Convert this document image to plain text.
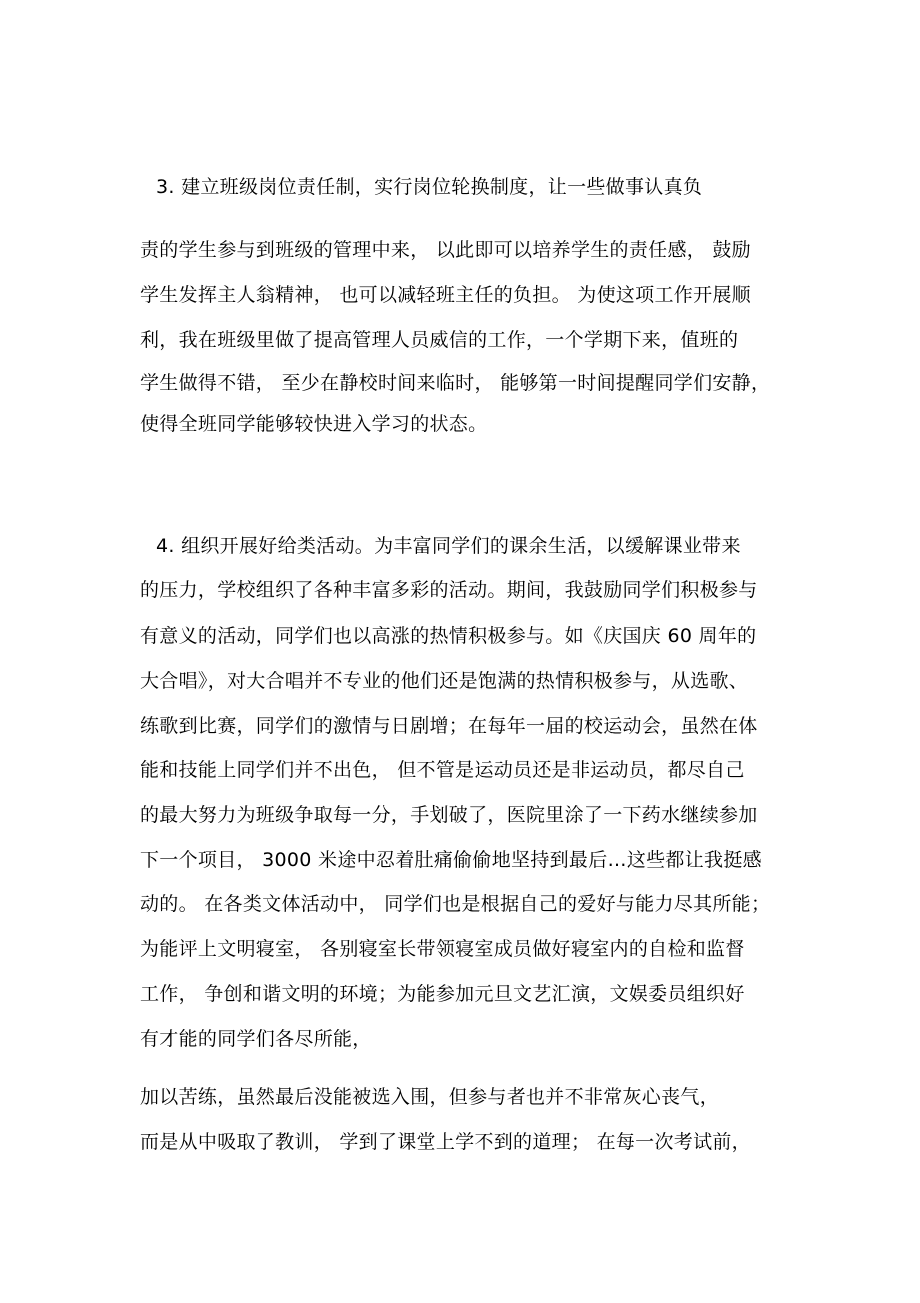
3. 建立班级岗位责任制，实行岗位轮换制度，让一些做事认真负
责的学生参与到班级的管理中来， 以此即可以培养学生的责任感， 鼓励
学生发挥主人翁精神， 也可以减轻班主任的负担。 为使这项工作开展顺
利，我在班级里做了提高管理人员威信的工作，一个学期下来，值班的
学生做得不错， 至少在静校时间来临时， 能够第一时间提醒同学们安静，
使得全班同学能够较快进入学习的状态。
4. 组织开展好给类活动。为丰富同学们的课余生活，以缓解课业带来
的压力，学校组织了各种丰富多彩的活动。期间，我鼓励同学们积极参与
有意义的活动，同学们也以高涨的热情积极参与。如《庆国庆 60 周年的
大合唱》，对大合唱并不专业的他们还是饱满的热情积极参与，从选歌、
练歌到比赛，同学们的激情与日剧增；在每年一届的校运动会，虽然在体
能和技能上同学们并不出色， 但不管是运动员还是非运动员，都尽自己
的最大努力为班级争取每一分，手划破了，医院里涂了一下药水继续参加
下一个项目， 3000 米途中忍着肚痛偷偷地坚持到最后…这些都让我挺感
动的。 在各类文体活动中， 同学们也是根据自己的爱好与能力尽其所能；
为能评上文明寝室， 各别寝室长带领寝室成员做好寝室内的自检和监督
工作， 争创和谐文明的环境；为能参加元旦文艺汇演，文娱委员组织好
有才能的同学们各尽所能，
加以苦练，虽然最后没能被选入围，但参与者也并不非常灰心丧气，
而是从中吸取了教训， 学到了课堂上学不到的道理； 在每一次考试前，
